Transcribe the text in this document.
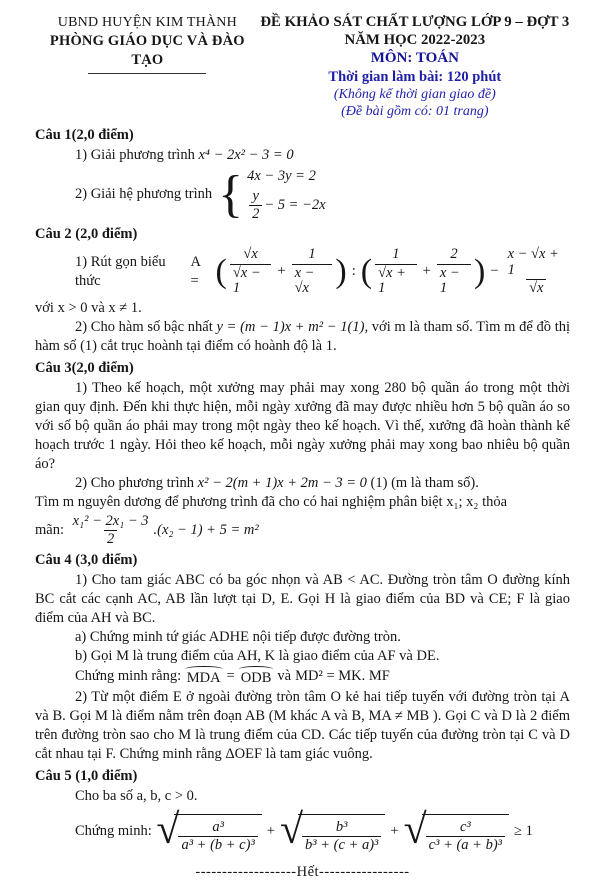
UBND HUYỆN KIM THÀNH
PHÒNG GIÁO DỤC VÀ ĐÀO TẠO
ĐỀ KHẢO SÁT CHẤT LƯỢNG LỚP 9 – ĐỢT 3
NĂM HỌC 2022-2023
MÔN: TOÁN
Thời gian làm bài: 120 phút
(Không kể thời gian giao đề)
(Đề bài gồm có: 01 trang)
Câu 1(2,0 điểm)

1) Giải phương trình x⁴ − 2x² − 3 = 0

2) Giải hệ phương trình { 4x − 3y = 2
$\frac{y}{2} - 5 = -2x$
Câu 2 (2,0 điểm)
1) Rút gọn biểu thức
A = ( $\frac{√x}{√x - 1} + \frac{1}{x - √x}$ ) : ( $\frac{1}{√x + 1} + \frac{2}{x - 1}$ ) − $\frac{x - √x + 1}{√x}$

với x > 0 và x ≠ 1.

2) Cho hàm số bậc nhất y = (m − 1)x + m² − 1(1), với m là tham số. Tìm m để đồ thị hàm số (1) cắt trục hoành tại điểm có hoành độ là 1.

Câu 3(2,0 điểm)

1) Theo kế hoạch, một xưởng may phải may xong 280 bộ quần áo trong một thời gian quy định. Đến khi thực hiện, mỗi ngày xưởng đã may được nhiều hơn 5 bộ quần áo so với số bộ quần áo phải may trong một ngày theo kế hoạch. Vì thế, xưởng đã hoàn thành kế hoạch trước 1 ngày. Hỏi theo kế hoạch, mỗi ngày xưởng phải may xong bao nhiêu bộ quần áo?

2) Cho phương trình x² − 2(m + 1)x + 2m − 3 = 0 (1) (m là tham số).

Tìm m nguyên dương để phương trình đã cho có hai nghiệm phân biệt x₁; x₂ thỏa

mãn:
$\frac{\text{x₁² − 2x₁ − 3}}{2} .(x_2 - 1) + 5 = m^2$
Câu 4 (3,0 điểm)

1) Cho tam giác ABC có ba góc nhọn và AB < AC. Đường tròn tâm O đường kính BC cắt các cạnh AC, AB lần lượt tại D, E. Gọi H là giao điểm của BD và CE; F là giao điểm của AH và BC.

a) Chứng minh tứ giác ADHE nội tiếp được đường tròn.

b) Gọi M là trung điểm của AH, K là giao điểm của AF và DE.

Chứng minh rằng:
MDA = ODB và MD² = MK. MF

2) Từ một điểm E ở ngoài đường tròn tâm O kẻ hai tiếp tuyến với đường tròn tại A và B. Gọi M là điểm nằm trên đoạn AB (M khác A và B, MA ≠ MB ). Gọi C và D là 2 điểm trên đường tròn sao cho M là trung điểm của CD. Các tiếp tuyến của đường tròn tại C và D cắt nhau tại F. Chứng minh rằng ΔOEF là tam giác vuông.

Câu 5 (1,0 điểm)

Cho ba số a, b, c > 0.

Chứng minh:
√ $\frac{\text{a³}}{\text{a³ + (b + c)³}}$ + √ $\frac{\text{b³}}{\text{b³ + (c + a)³}}$ + √ $\frac{\text{c³}}{\text{c³ + (a + b)³}} \ge 1$
-------------------Hết-----------------
